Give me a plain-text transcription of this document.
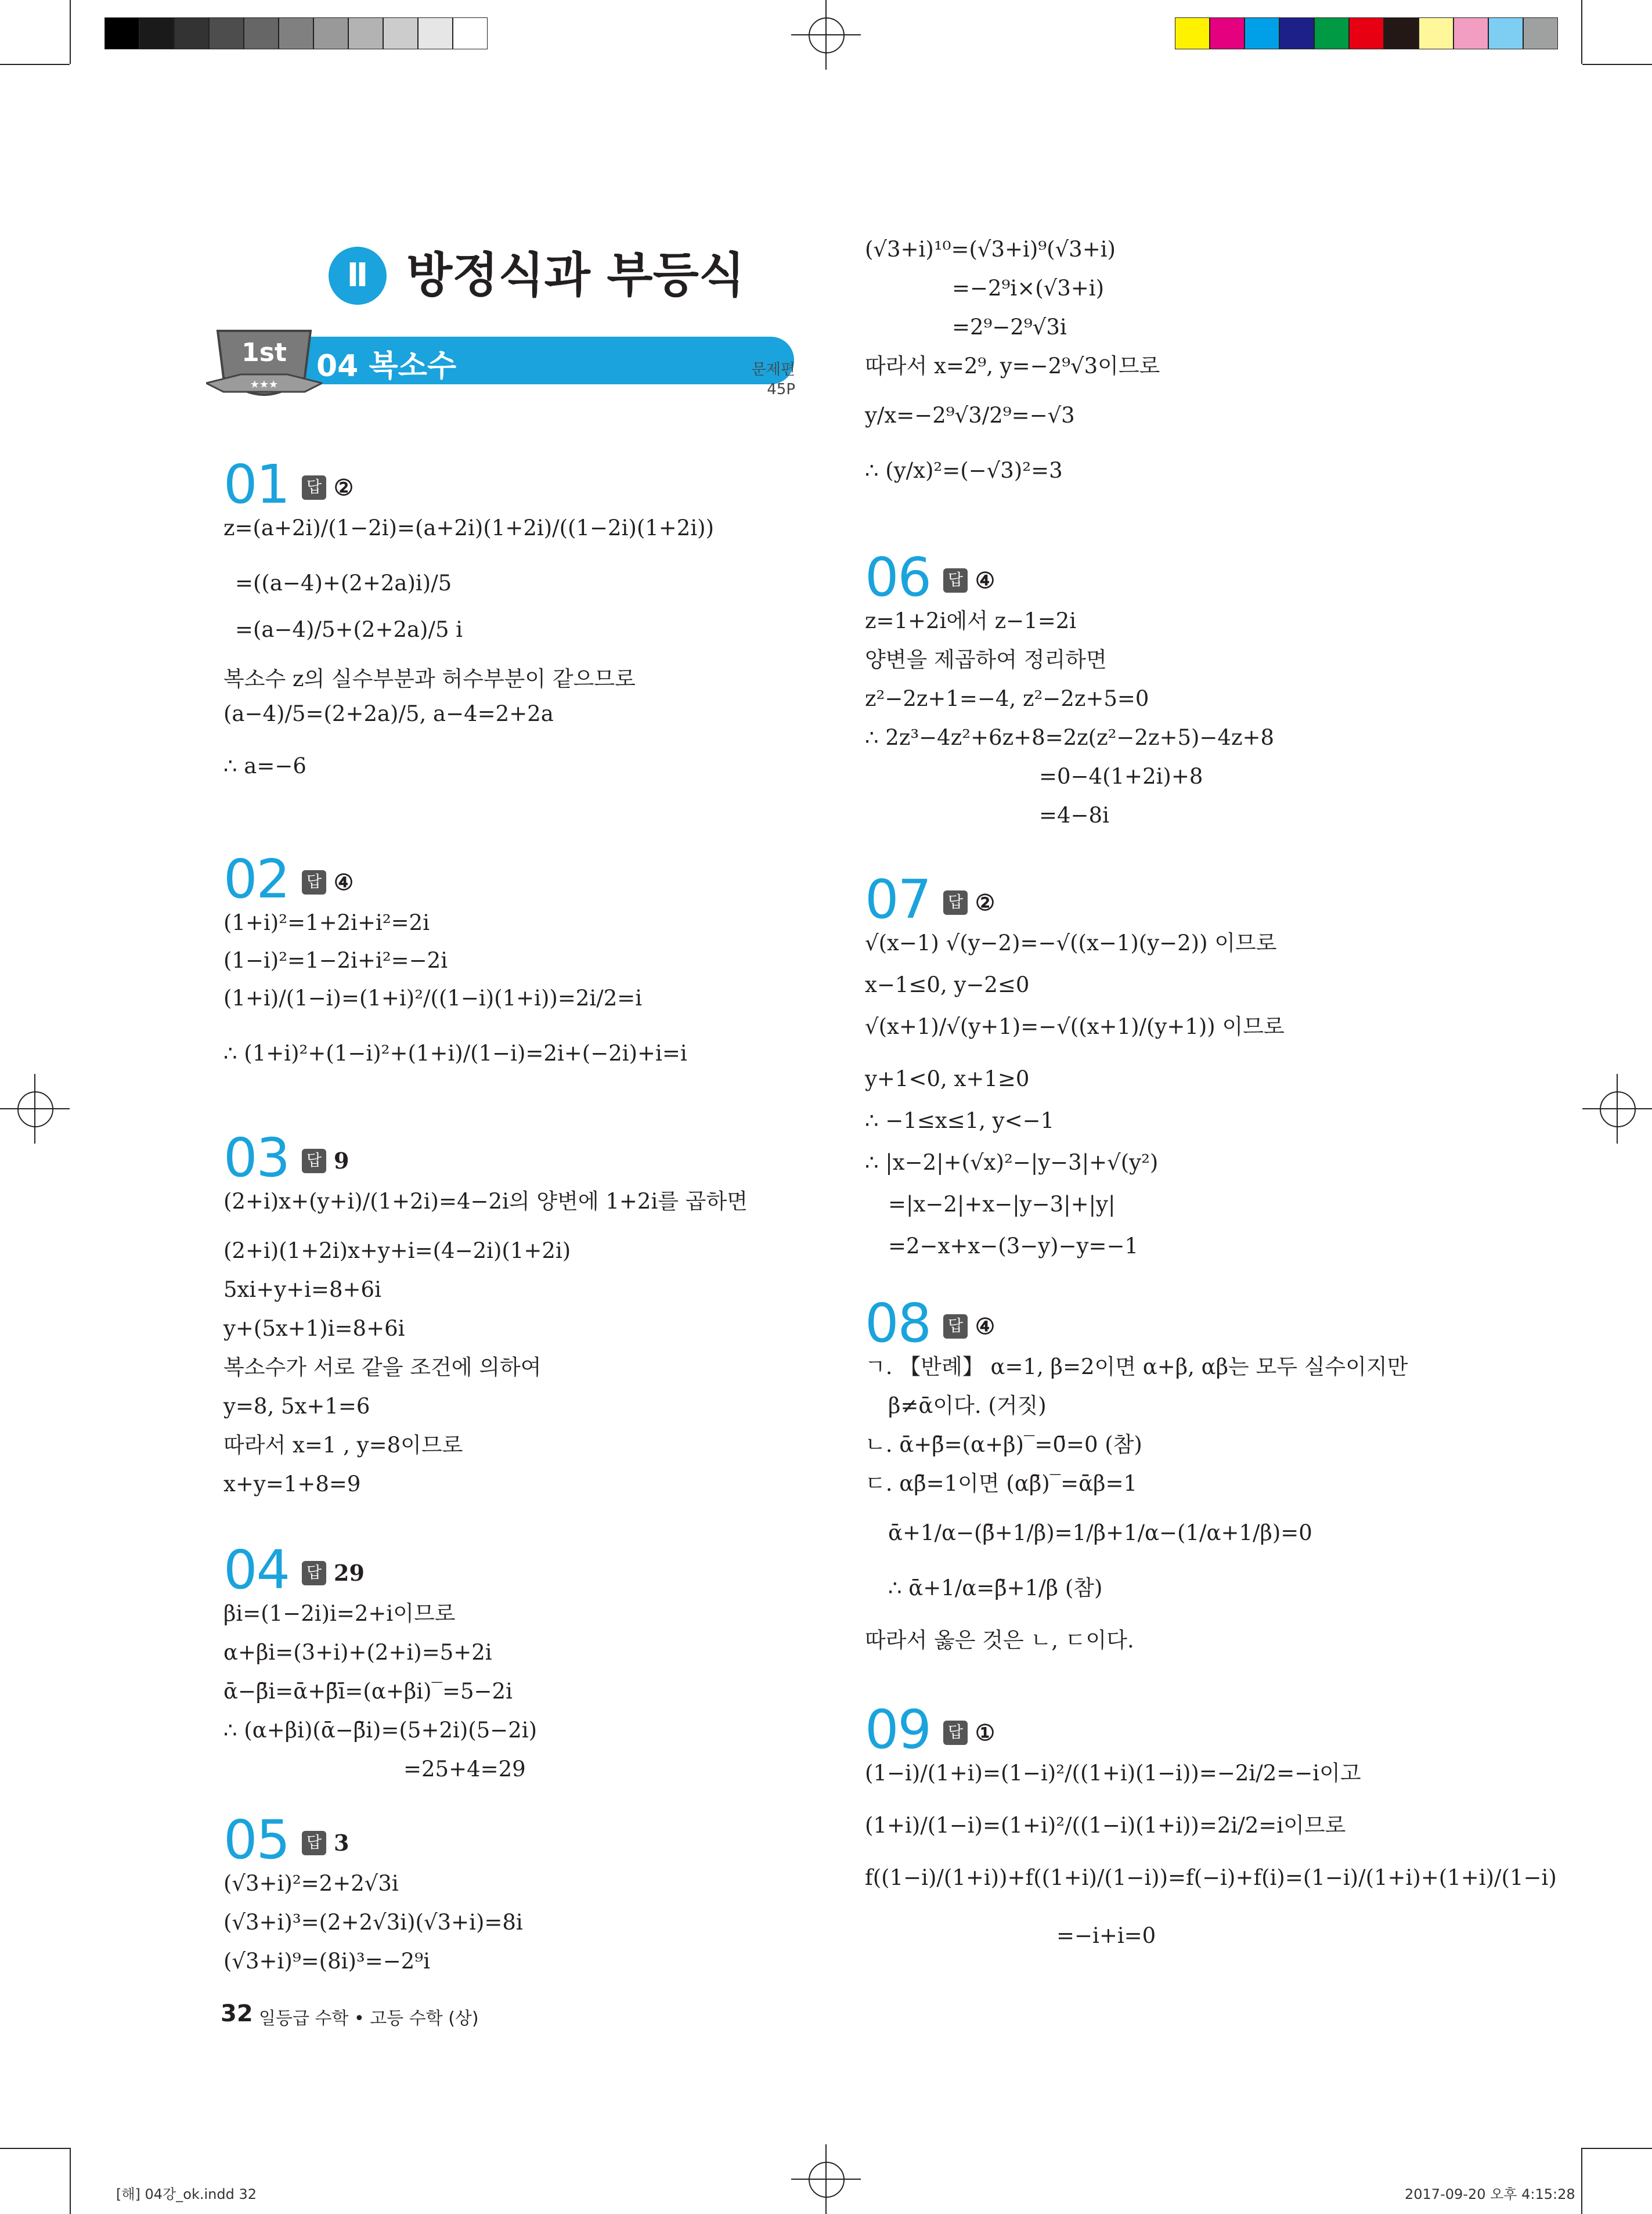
Ⅱ 방정식과 부등식
1st
★★★
04 복소수	문제편
45P
01 답 ②
z=(a+2i)/(1−2i)=(a+2i)(1+2i)/((1−2i)(1+2i))
=((a−4)+(2+2a)i)/5
=(a−4)/5+(2+2a)/5 i
복소수 z의 실수부분과 허수부분이 같으므로
(a−4)/5=(2+2a)/5, a−4=2+2a
∴ a=−6
02 답 ④
(1+i)²=1+2i+i²=2i
(1−i)²=1−2i+i²=−2i
(1+i)/(1−i)=(1+i)²/((1−i)(1+i))=2i/2=i
∴ (1+i)²+(1−i)²+(1+i)/(1−i)=2i+(−2i)+i=i
03 답 9
(2+i)x+(y+i)/(1+2i)=4−2i의 양변에 1+2i를 곱하면
(2+i)(1+2i)x+y+i=(4−2i)(1+2i)
5xi+y+i=8+6i
y+(5x+1)i=8+6i
복소수가 서로 같을 조건에 의하여
y=8, 5x+1=6
따라서 x=1 , y=8이므로
x+y=1+8=9
04 답 29
βi=(1−2i)i=2+i이므로
α+βi=(3+i)+(2+i)=5+2i
ᾱ−β̄i=ᾱ+β̄ī=(α+βi)‾=5−2i
∴ (α+βi)(ᾱ−β̄i)=(5+2i)(5−2i)
=25+4=29
05 답 3
(√3+i)²=2+2√3i
(√3+i)³=(2+2√3i)(√3+i)=8i
(√3+i)⁹=(8i)³=−2⁹i
(√3+i)¹⁰=(√3+i)⁹(√3+i)
=−2⁹i×(√3+i)
=2⁹−2⁹√3i
따라서 x=2⁹, y=−2⁹√3이므로
y/x=−2⁹√3/2⁹=−√3
∴ (y/x)²=(−√3)²=3
06 답 ④
z=1+2i에서 z−1=2i
양변을 제곱하여 정리하면
z²−2z+1=−4, z²−2z+5=0
∴ 2z³−4z²+6z+8=2z(z²−2z+5)−4z+8
=0−4(1+2i)+8
=4−8i
07 답 ②
√(x−1) √(y−2)=−√((x−1)(y−2)) 이므로
x−1≤0, y−2≤0
√(x+1)/√(y+1)=−√((x+1)/(y+1)) 이므로
y+1<0, x+1≥0
∴ −1≤x≤1, y<−1
∴ |x−2|+(√x)²−|y−3|+√(y²)
=|x−2|+x−|y−3|+|y|
=2−x+x−(3−y)−y=−1
08 답 ④
ㄱ. 【반례】 α=1, β=2이면 α+β, αβ는 모두 실수이지만
β≠ᾱ이다. (거짓)
ㄴ. ᾱ+β̄=(α+β)‾=0̄=0 (참)
ㄷ. αβ̄=1이면 (αβ̄)‾=ᾱβ=1
ᾱ+1/α−(β̄+1/β)=1/β+1/α−(1/α+1/β)=0
∴ ᾱ+1/α=β̄+1/β (참)
따라서 옳은 것은 ㄴ, ㄷ이다.
09 답 ①
(1−i)/(1+i)=(1−i)²/((1+i)(1−i))=−2i/2=−i이고
(1+i)/(1−i)=(1+i)²/((1−i)(1+i))=2i/2=i이므로
f((1−i)/(1+i))+f((1+i)/(1−i))=f(−i)+f(i)=(1−i)/(1+i)+(1+i)/(1−i)
=−i+i=0
32 일등급 수학 • 고등 수학 (상)
[해] 04강_ok.indd 32	2017-09-20 오후 4:15:28
